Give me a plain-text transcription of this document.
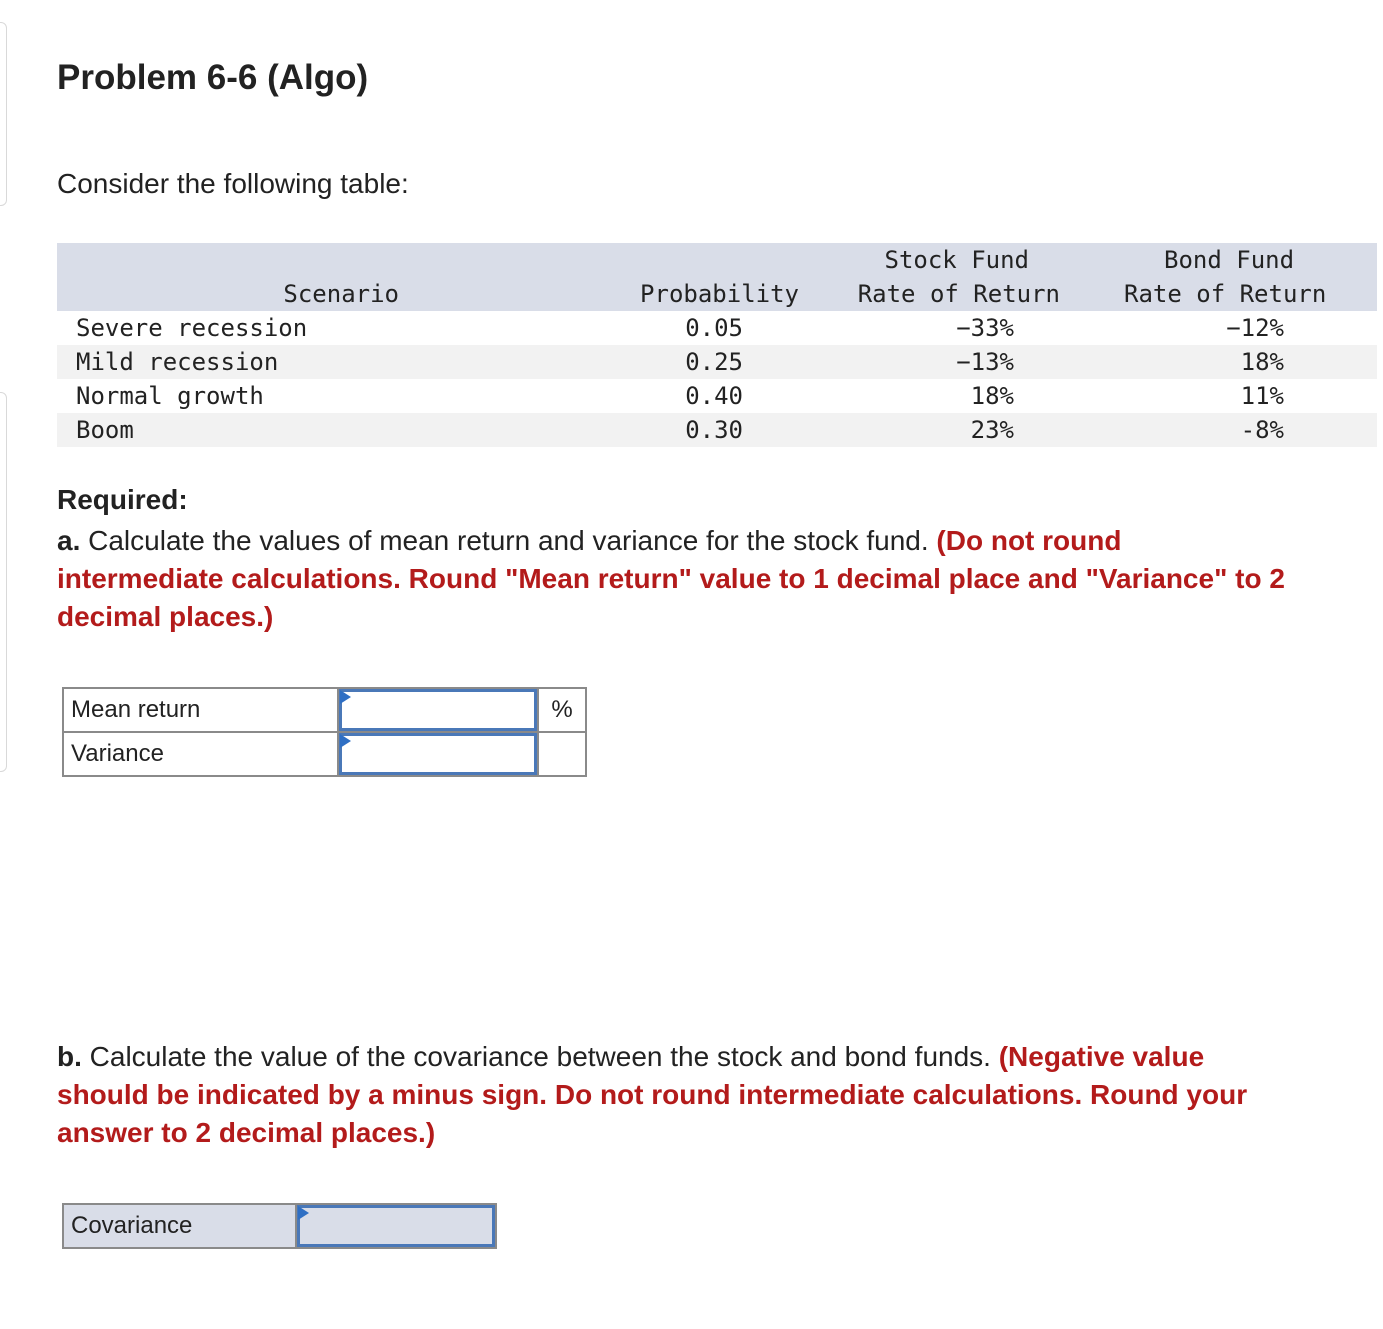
Problem 6-6 (Algo)
Consider the following table:
		Stock Fund	Bond Fund
Scenario	Probability	Rate of Return	Rate of Return
Severe recession	0.05	−33%	−12%
Mild recession	0.25	−13%	18%
Normal growth	0.40	18%	11%
Boom	0.30	23%	-8%
Required:
a. Calculate the values of mean return and variance for the stock fund. (Do not round intermediate calculations. Round "Mean return" value to 1 decimal place and "Variance" to 2 decimal places.)
Mean return		%
Variance	

b. Calculate the value of the covariance between the stock and bond funds. (Negative value should be indicated by a minus sign. Do not round intermediate calculations. Round your answer to 2 decimal places.)
Covariance	
